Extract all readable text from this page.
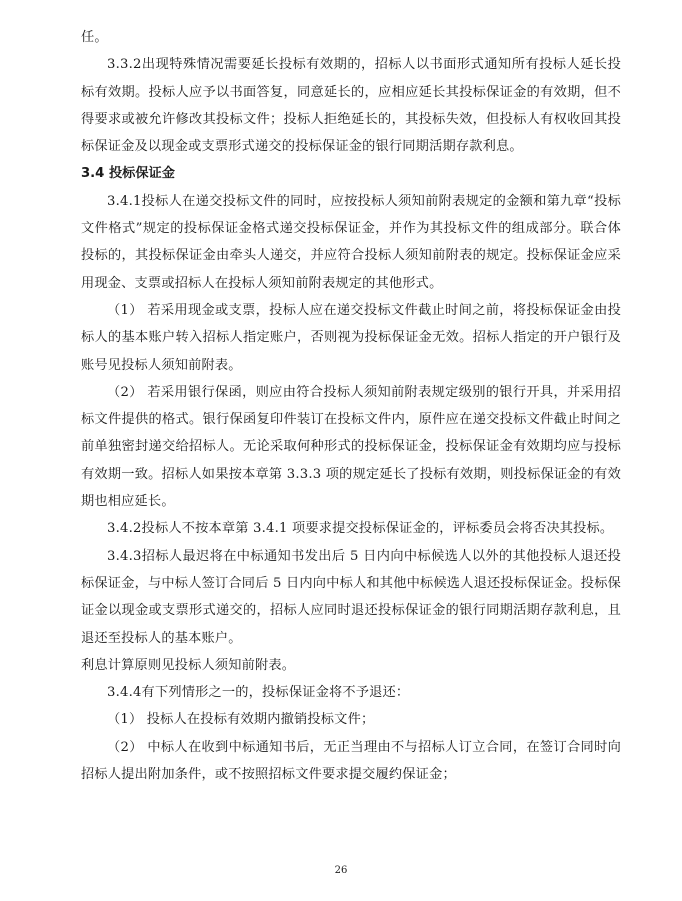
任。

3.3.2出现特殊情况需要延长投标有效期的，招标人以书面形式通知所有投标人延长投标有效期。投标人应予以书面答复，同意延长的，应相应延长其投标保证金的有效期，但不得要求或被允许修改其投标文件；投标人拒绝延长的，其投标失效，但投标人有权收回其投标保证金及以现金或支票形式递交的投标保证金的银行同期活期存款利息。

3.4 投标保证金

3.4.1投标人在递交投标文件的同时，应按投标人须知前附表规定的金额和第九章“投标文件格式”规定的投标保证金格式递交投标保证金，并作为其投标文件的组成部分。联合体投标的，其投标保证金由牵头人递交，并应符合投标人须知前附表的规定。投标保证金应采用现金、支票或招标人在投标人须知前附表规定的其他形式。

（1） 若采用现金或支票，投标人应在递交投标文件截止时间之前，将投标保证金由投标人的基本账户转入招标人指定账户，否则视为投标保证金无效。招标人指定的开户银行及账号见投标人须知前附表。

（2） 若采用银行保函，则应由符合投标人须知前附表规定级别的银行开具，并采用招标文件提供的格式。银行保函复印件装订在投标文件内，原件应在递交投标文件截止时间之前单独密封递交给招标人。无论采取何种形式的投标保证金，投标保证金有效期均应与投标有效期一致。招标人如果按本章第 3.3.3 项的规定延长了投标有效期，则投标保证金的有效期也相应延长。

3.4.2投标人不按本章第 3.4.1 项要求提交投标保证金的，评标委员会将否决其投标。

3.4.3招标人最迟将在中标通知书发出后 5 日内向中标候选人以外的其他投标人退还投标保证金，与中标人签订合同后 5 日内向中标人和其他中标候选人退还投标保证金。投标保证金以现金或支票形式递交的，招标人应同时退还投标保证金的银行同期活期存款利息，且退还至投标人的基本账户。

利息计算原则见投标人须知前附表。

3.4.4有下列情形之一的，投标保证金将不予退还：

（1） 投标人在投标有效期内撤销投标文件；

（2） 中标人在收到中标通知书后，无正当理由不与招标人订立合同，在签订合同时向招标人提出附加条件，或不按照招标文件要求提交履约保证金；

26
